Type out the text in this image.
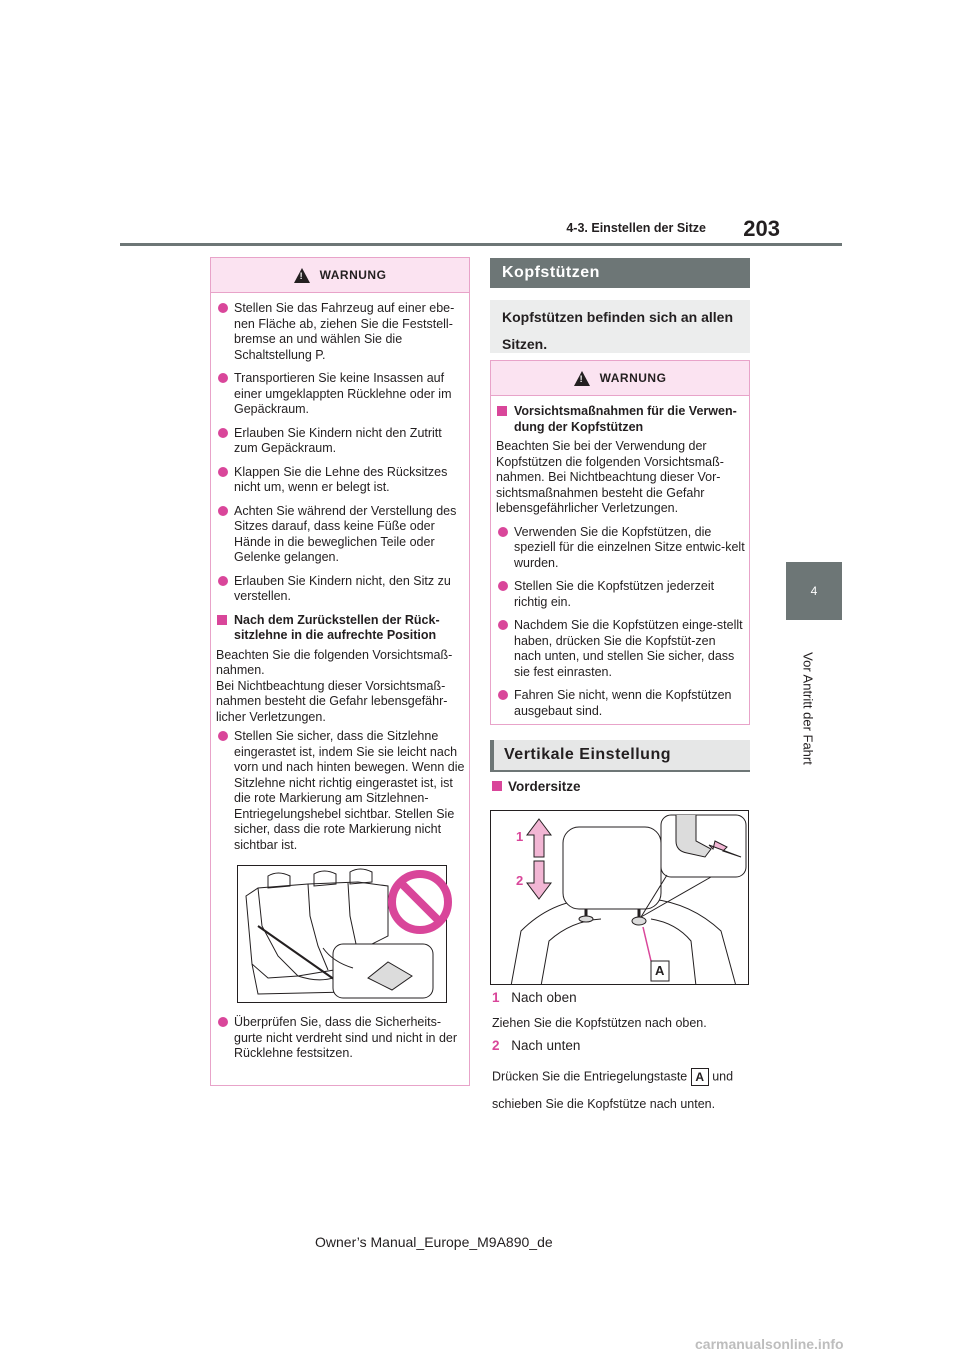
4-3. Einstellen der Sitze	203
4
Vor Antritt der Fahrt
!
WARNUNG

Stellen Sie das Fahrzeug auf einer ebe-nen Fläche ab, ziehen Sie die Feststell-bremse an und wählen Sie die Schaltstellung P.

Transportieren Sie keine Insassen auf einer umgeklappten Rücklehne oder im Gepäckraum.

Erlauben Sie Kindern nicht den Zutritt zum Gepäckraum.

Klappen Sie die Lehne des Rücksitzes nicht um, wenn er belegt ist.

Achten Sie während der Verstellung des Sitzes darauf, dass keine Füße oder Hände in die beweglichen Teile oder Gelenke gelangen.

Erlauben Sie Kindern nicht, den Sitz zu verstellen.

Nach dem Zurückstellen der Rück-sitzlehne in die aufrechte Position

Beachten Sie die folgenden Vorsichtsmaß-nahmen.

Bei Nichtbeachtung dieser Vorsichtsmaß-nahmen besteht die Gefahr lebensgefähr-licher Verletzungen.

Stellen Sie sicher, dass die Sitzlehne eingerastet ist, indem Sie sie leicht nach vorn und nach hinten bewegen. Wenn die Sitzlehne nicht richtig eingerastet ist, ist die rote Markierung am Sitzlehnen-Entriegelungshebel sichtbar. Stellen Sie sicher, dass die rote Markierung nicht sichtbar ist.

Überprüfen Sie, dass die Sicherheits-gurte nicht verdreht sind und nicht in der Rücklehne festsitzen.

Kopfstützen
Kopfstützen befinden sich an allen Sitzen.
!
WARNUNG

Vorsichtsmaßnahmen für die Verwen-dung der Kopfstützen

Beachten Sie bei der Verwendung der Kopfstützen die folgenden Vorsichtsmaß-nahmen. Bei Nichtbeachtung dieser Vor-sichtsmaßnahmen besteht die Gefahr lebensgefährlicher Verletzungen.

Verwenden Sie die Kopfstützen, die speziell für die einzelnen Sitze entwic-kelt wurden.

Stellen Sie die Kopfstützen jederzeit richtig ein.

Nachdem Sie die Kopfstützen einge-stellt haben, drücken Sie die Kopfstüt-zen nach unten, und stellen Sie sicher, dass sie fest einrasten.

Fahren Sie nicht, wenn die Kopfstützen ausgebaut sind.

Vertikale Einstellung
Vordersitze
1
2
A
1 Nach oben
Ziehen Sie die Kopfstützen nach oben.
2 Nach unten
Drücken Sie die Entriegelungstaste A und
schieben Sie die Kopfstütze nach unten.
Owner’s Manual_Europe_M9A890_de
carmanualsonline.info
